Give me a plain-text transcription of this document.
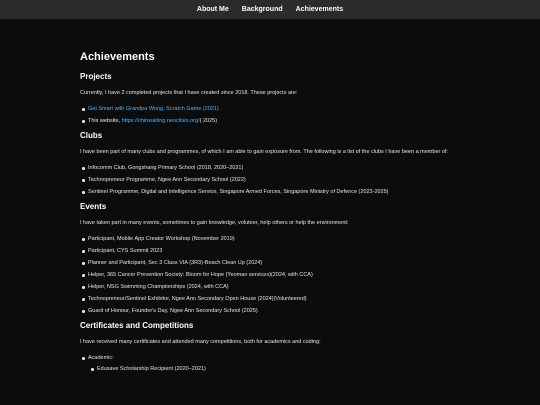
About Me	Background	Achievements
Achievements
Projects

Currently, I have 2 completed projects that I have created since 2018. These projects are:

Get Smart with Grandpa Wong, Scratch Game (2021)
This website, https://chinwaiting.neocities.org/( 2025)
Clubs

I have been part of many clubs and programmes, of which I am able to gain exposure from. The following is a list of the clubs I have been a member of:

Infocomm Club, Gongshang Primary School (2018, 2020–2021)
Technopreneur Programme, Ngee Ann Secondary School (2022)
Sentinel Programme, Digital and Intelligence Service, Singapore Armed Forces, Singapore Ministry of Defence (2023-2025)
Events

I have taken part in many events, sometimes to gain knowledge, voluteer, help others or help the environment:

Participant, Mobile App Creator Workshop (November 2019)
Participant, CYS Summit 2023
Planner and Participant, Sec 3 Class VIA (3R3)-Beach Clean Up (2024)
Helper, 365 Cancer Prevention Society: Bloom for Hope (Yeoman services)(2024, with CCA)
Helper, NSG Swimming Championships (2024, with CCA)
Technopreneur/Sentinel Exhibitor, Ngee Ann Secondary Open House (2024)(Volunteered)
Guard of Honour, Founder's Day, Ngee Ann Secondary School (2025)
Certificates and Competitions

I have received many certificates and attended many competitions, both for academics and coding:

Academic:
Edusave Scholarship Recipient (2020–2021)
